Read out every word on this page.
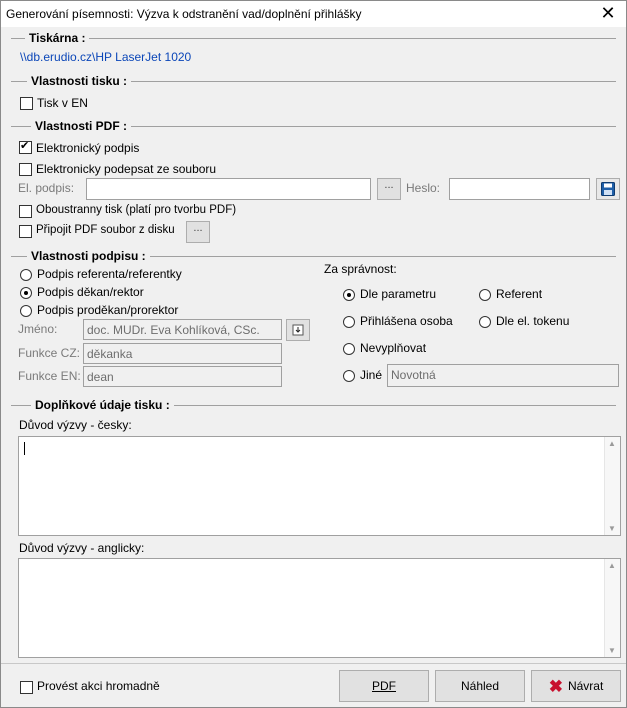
Generování písemnosti: Výzva k odstranění vad/doplnění přihlášky	✕
Tiskárna :
\\db.erudio.cz\HP LaserJet 1020
Vlastnosti tisku :
Tisk v EN
Vlastnosti PDF :
✔
Elektronický podpis
Elektronicky podepsat ze souboru
El. podpis:	...	Heslo:
Oboustranny tisk (platí pro tvorbu PDF)
Připojit PDF soubor z disku	...
Vlastnosti podpisu :
Podpis referenta/referentky
Podpis děkan/rektor
Podpis proděkan/prorektor
Jméno:	doc. MUDr. Eva Kohlíková, CSc.
Funkce CZ: děkanka
Funkce EN: dean
Za správnost:
Dle parametru	Referent
Přihlášena osoba	Dle el. tokenu
Nevyplňovat
Jiné Novotná
Doplňkové údaje tisku :
Důvod výzvy - česky:
▲
▼
Důvod výzvy - anglicky:
▲
▼
Provést akci hromadně	PDF	Náhled	✖ Návrat
